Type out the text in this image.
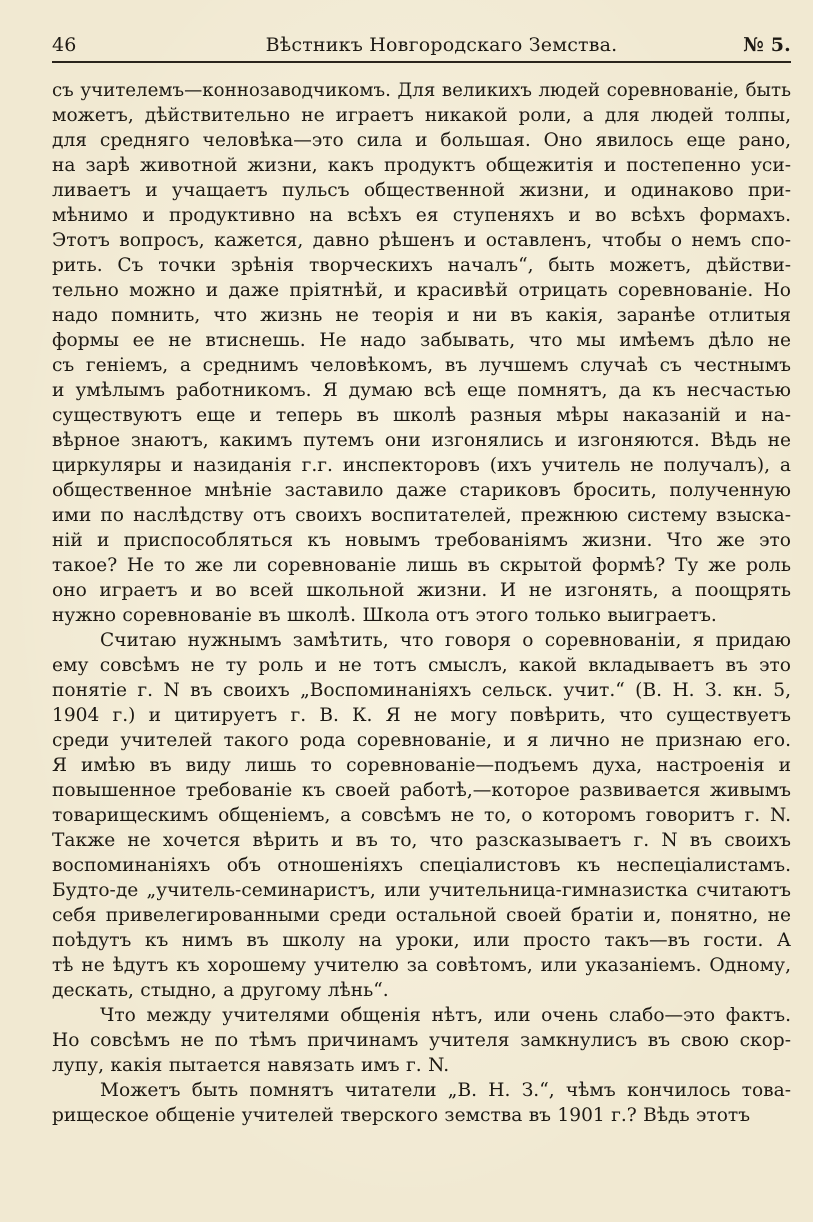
46	Вѣстникъ Новгородскаго Земства.	№ 5.

съ учителемъ—коннозаводчикомъ. Для великихъ людей соревнованіе, быть
можетъ, дѣйствительно не играетъ никакой роли, а для людей толпы,
для средняго человѣка—это сила и большая. Оно явилось еще рано,
на зарѣ животной жизни, какъ продуктъ общежитія и постепенно уси-
ливаетъ и учащаетъ пульсъ общественной жизни, и одинаково при-
мѣнимо и продуктивно на всѣхъ ея ступеняхъ и во всѣхъ формахъ.
Этотъ вопросъ, кажется, давно рѣшенъ и оставленъ, чтобы о немъ спо-
рить. Съ точки зрѣнія творческихъ началъ“, быть можетъ, дѣйстви-
тельно можно и даже пріятнѣй, и красивѣй отрицать соревнованіе. Но
надо помнить, что жизнь не теорія и ни въ какія, заранѣе отлитыя
формы ее не втиснешь. Не надо забывать, что мы имѣемъ дѣло не
съ геніемъ, а среднимъ человѣкомъ, въ лучшемъ случаѣ съ честнымъ
и умѣлымъ работникомъ. Я думаю всѣ еще помнятъ, да къ несчастью
существуютъ еще и теперь въ школѣ разныя мѣры наказаній и на-
вѣрное знаютъ, какимъ путемъ они изгонялись и изгоняются. Вѣдь не
циркуляры и назиданія г.г. инспекторовъ (ихъ учитель не получалъ), а
общественное мнѣніе заставило даже стариковъ бросить, полученную
ими по наслѣдству отъ своихъ воспитателей, прежнюю систему взыска-
ній и приспособляться къ новымъ требованіямъ жизни. Что же это
такое? Не то же ли соревнованіе лишь въ скрытой формѣ? Ту же роль
оно играетъ и во всей школьной жизни. И не изгонять, а поощрять
нужно соревнованіе въ школѣ. Школа отъ этого только выиграетъ.

Считаю нужнымъ замѣтить, что говоря о соревнованіи, я придаю
ему совсѣмъ не ту роль и не тотъ смыслъ, какой вкладываетъ въ это
понятіе г. N въ своихъ „Воспоминаніяхъ сельск. учит.“ (В. Н. З. кн. 5,
1904 г.) и цитируетъ г. В. К. Я не могу повѣрить, что существуетъ
среди учителей такого рода соревнованіе, и я лично не признаю его.
Я имѣю въ виду лишь то соревнованіе—подъемъ духа, настроенія и
повышенное требованіе къ своей работѣ,—которое развивается живымъ
товарищескимъ общеніемъ, а совсѣмъ не то, о которомъ говоритъ г. N.
Также не хочется вѣрить и въ то, что разсказываетъ г. N въ своихъ
воспоминаніяхъ объ отношеніяхъ спеціалистовъ къ неспеціалистамъ.
Будто-де „учитель-семинаристъ, или учительница-гимназистка считаютъ
себя привелегированными среди остальной своей братіи и, понятно, не
поѣдутъ къ нимъ въ школу на уроки, или просто такъ—въ гости. А
тѣ не ѣдутъ къ хорошему учителю за совѣтомъ, или указаніемъ. Одному,
дескать, стыдно, а другому лѣнь“.

Что между учителями общенія нѣтъ, или очень слабо—это фактъ.
Но совсѣмъ не по тѣмъ причинамъ учителя замкнулисъ въ свою скор-
лупу, какія пытается навязать имъ г. N.

Можетъ быть помнятъ читатели „В. Н. З.“, чѣмъ кончилось това-
рищеское общеніе учителей тверского земства въ 1901 г.? Вѣдь этотъ
